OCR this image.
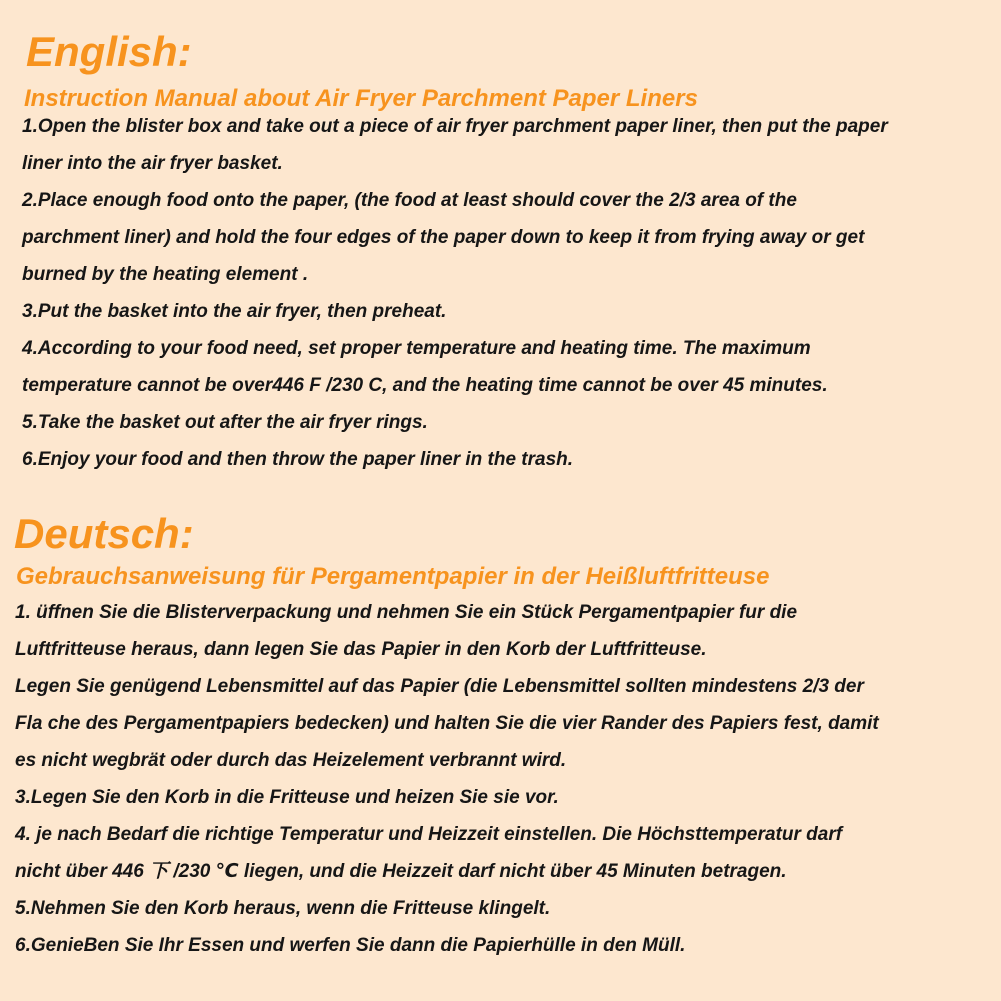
English:
Instruction Manual about Air Fryer Parchment Paper Liners
1.Open the blister box and take out a piece of air fryer parchment paper liner, then put the paper
liner into the air fryer basket.
2.Place enough food onto the paper, (the food at least should cover the 2/3 area of the
parchment liner) and hold the four edges of the paper down to keep it from frying away or get
burned by the heating element .
3.Put the basket into the air fryer, then preheat.
4.According to your food need, set proper temperature and heating time. The maximum
temperature cannot be over446 F /230 C, and the heating time cannot be over 45 minutes.
5.Take the basket out after the air fryer rings.
6.Enjoy your food and then throw the paper liner in the trash.
Deutsch:
Gebrauchsanweisung für Pergamentpapier in der Heißluftfritteuse
1. üffnen Sie die Blisterverpackung und nehmen Sie ein Stück Pergamentpapier fur die
Luftfritteuse heraus, dann legen Sie das Papier in den Korb der Luftfritteuse.
Legen Sie genügend Lebensmittel auf das Papier (die Lebensmittel sollten mindestens 2/3 der
Fla che des Pergamentpapiers bedecken) und halten Sie die vier Rander des Papiers fest, damit
es nicht wegbrät oder durch das Heizelement verbrannt wird.
3.Legen Sie den Korb in die Fritteuse und heizen Sie sie vor.
4. je nach Bedarf die richtige Temperatur und Heizzeit einstellen. Die Höchsttemperatur darf
nicht über 446 下 /230 ℃ liegen, und die Heizzeit darf nicht über 45 Minuten betragen.
5.Nehmen Sie den Korb heraus, wenn die Fritteuse klingelt.
6.GenieBen Sie Ihr Essen und werfen Sie dann die Papierhülle in den Müll.
